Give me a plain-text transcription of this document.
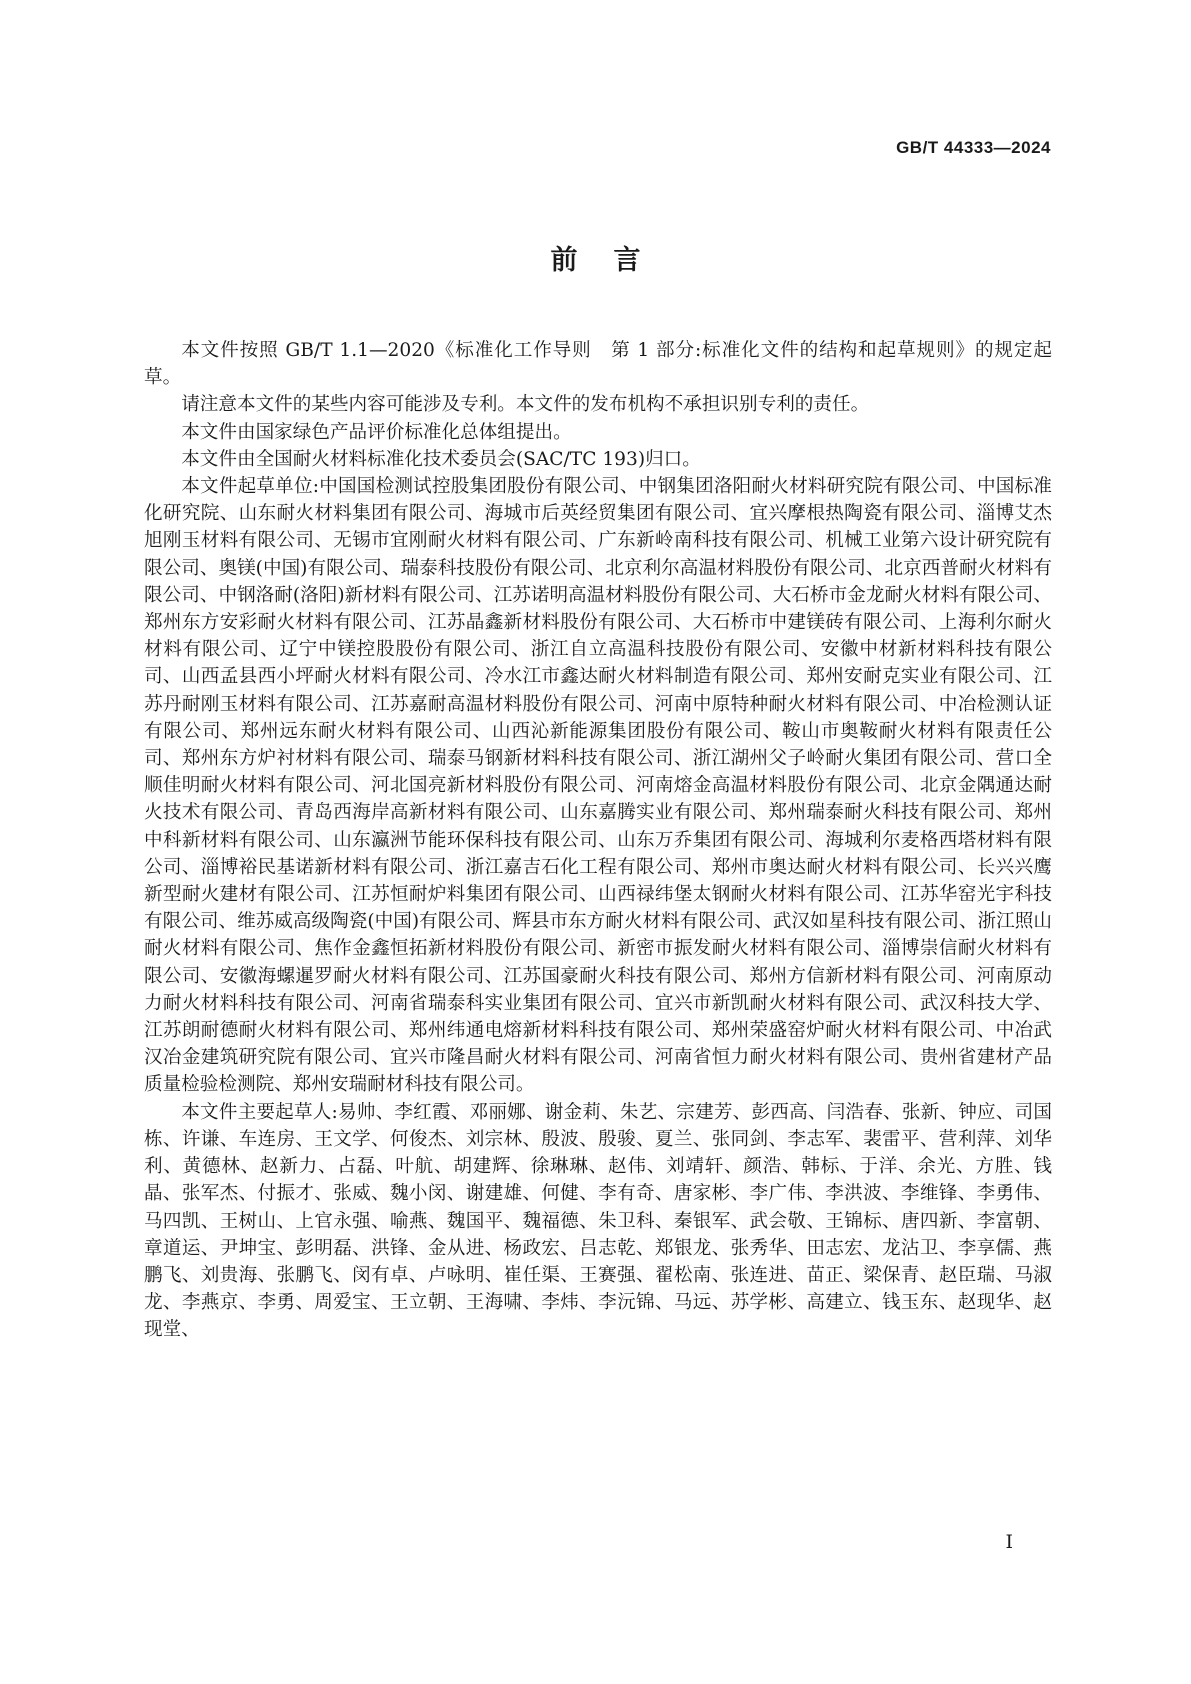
GB/T 44333—2024
前言

本文件按照 GB/T 1.1—2020《标准化工作导则　第 1 部分:标准化文件的结构和起草规则》的规定起草。

请注意本文件的某些内容可能涉及专利。本文件的发布机构不承担识别专利的责任。

本文件由国家绿色产品评价标准化总体组提出。

本文件由全国耐火材料标准化技术委员会(SAC/TC 193)归口。

本文件起草单位:中国国检测试控股集团股份有限公司、中钢集团洛阳耐火材料研究院有限公司、中国标准化研究院、山东耐火材料集团有限公司、海城市后英经贸集团有限公司、宜兴摩根热陶瓷有限公司、淄博艾杰旭刚玉材料有限公司、无锡市宜刚耐火材料有限公司、广东新岭南科技有限公司、机械工业第六设计研究院有限公司、奥镁(中国)有限公司、瑞泰科技股份有限公司、北京利尔高温材料股份有限公司、北京西普耐火材料有限公司、中钢洛耐(洛阳)新材料有限公司、江苏诺明高温材料股份有限公司、大石桥市金龙耐火材料有限公司、郑州东方安彩耐火材料有限公司、江苏晶鑫新材料股份有限公司、大石桥市中建镁砖有限公司、上海利尔耐火材料有限公司、辽宁中镁控股股份有限公司、浙江自立高温科技股份有限公司、安徽中材新材料科技有限公司、山西孟县西小坪耐火材料有限公司、冷水江市鑫达耐火材料制造有限公司、郑州安耐克实业有限公司、江苏丹耐刚玉材料有限公司、江苏嘉耐高温材料股份有限公司、河南中原特种耐火材料有限公司、中冶检测认证有限公司、郑州远东耐火材料有限公司、山西沁新能源集团股份有限公司、鞍山市奥鞍耐火材料有限责任公司、郑州东方炉衬材料有限公司、瑞泰马钢新材料科技有限公司、浙江湖州父子岭耐火集团有限公司、营口全顺佳明耐火材料有限公司、河北国亮新材料股份有限公司、河南熔金高温材料股份有限公司、北京金隅通达耐火技术有限公司、青岛西海岸高新材料有限公司、山东嘉腾实业有限公司、郑州瑞泰耐火科技有限公司、郑州中科新材料有限公司、山东瀛洲节能环保科技有限公司、山东万乔集团有限公司、海城利尔麦格西塔材料有限公司、淄博裕民基诺新材料有限公司、浙江嘉吉石化工程有限公司、郑州市奥达耐火材料有限公司、长兴兴鹰新型耐火建材有限公司、江苏恒耐炉料集团有限公司、山西禄纬堡太钢耐火材料有限公司、江苏华窑光宇科技有限公司、维苏威高级陶瓷(中国)有限公司、辉县市东方耐火材料有限公司、武汉如星科技有限公司、浙江照山耐火材料有限公司、焦作金鑫恒拓新材料股份有限公司、新密市振发耐火材料有限公司、淄博崇信耐火材料有限公司、安徽海螺暹罗耐火材料有限公司、江苏国豪耐火科技有限公司、郑州方信新材料有限公司、河南原动力耐火材料科技有限公司、河南省瑞泰科实业集团有限公司、宜兴市新凯耐火材料有限公司、武汉科技大学、江苏朗耐德耐火材料有限公司、郑州纬通电熔新材料科技有限公司、郑州荣盛窑炉耐火材料有限公司、中冶武汉冶金建筑研究院有限公司、宜兴市隆昌耐火材料有限公司、河南省恒力耐火材料有限公司、贵州省建材产品质量检验检测院、郑州安瑞耐材科技有限公司。

本文件主要起草人:易帅、李红霞、邓丽娜、谢金莉、朱艺、宗建芳、彭西高、闫浩春、张新、钟应、司国栋、许谦、车连房、王文学、何俊杰、刘宗林、殷波、殷骏、夏兰、张同剑、李志军、裴雷平、营利萍、刘华利、黄德林、赵新力、占磊、叶航、胡建辉、徐琳琳、赵伟、刘靖轩、颜浩、韩标、于洋、余光、方胜、钱晶、张军杰、付振才、张威、魏小闵、谢建雄、何健、李有奇、唐家彬、李广伟、李洪波、李维锋、李勇伟、马四凯、王树山、上官永强、喻燕、魏国平、魏福德、朱卫科、秦银军、武会敬、王锦标、唐四新、李富朝、章道运、尹坤宝、彭明磊、洪锋、金从进、杨政宏、吕志乾、郑银龙、张秀华、田志宏、龙沾卫、李享儒、燕鹏飞、刘贵海、张鹏飞、闵有卓、卢咏明、崔任渠、王赛强、翟松南、张连进、苗正、梁保青、赵臣瑞、马淑龙、李燕京、李勇、周爱宝、王立朝、王海啸、李炜、李沅锦、马远、苏学彬、高建立、钱玉东、赵现华、赵现堂、

I
